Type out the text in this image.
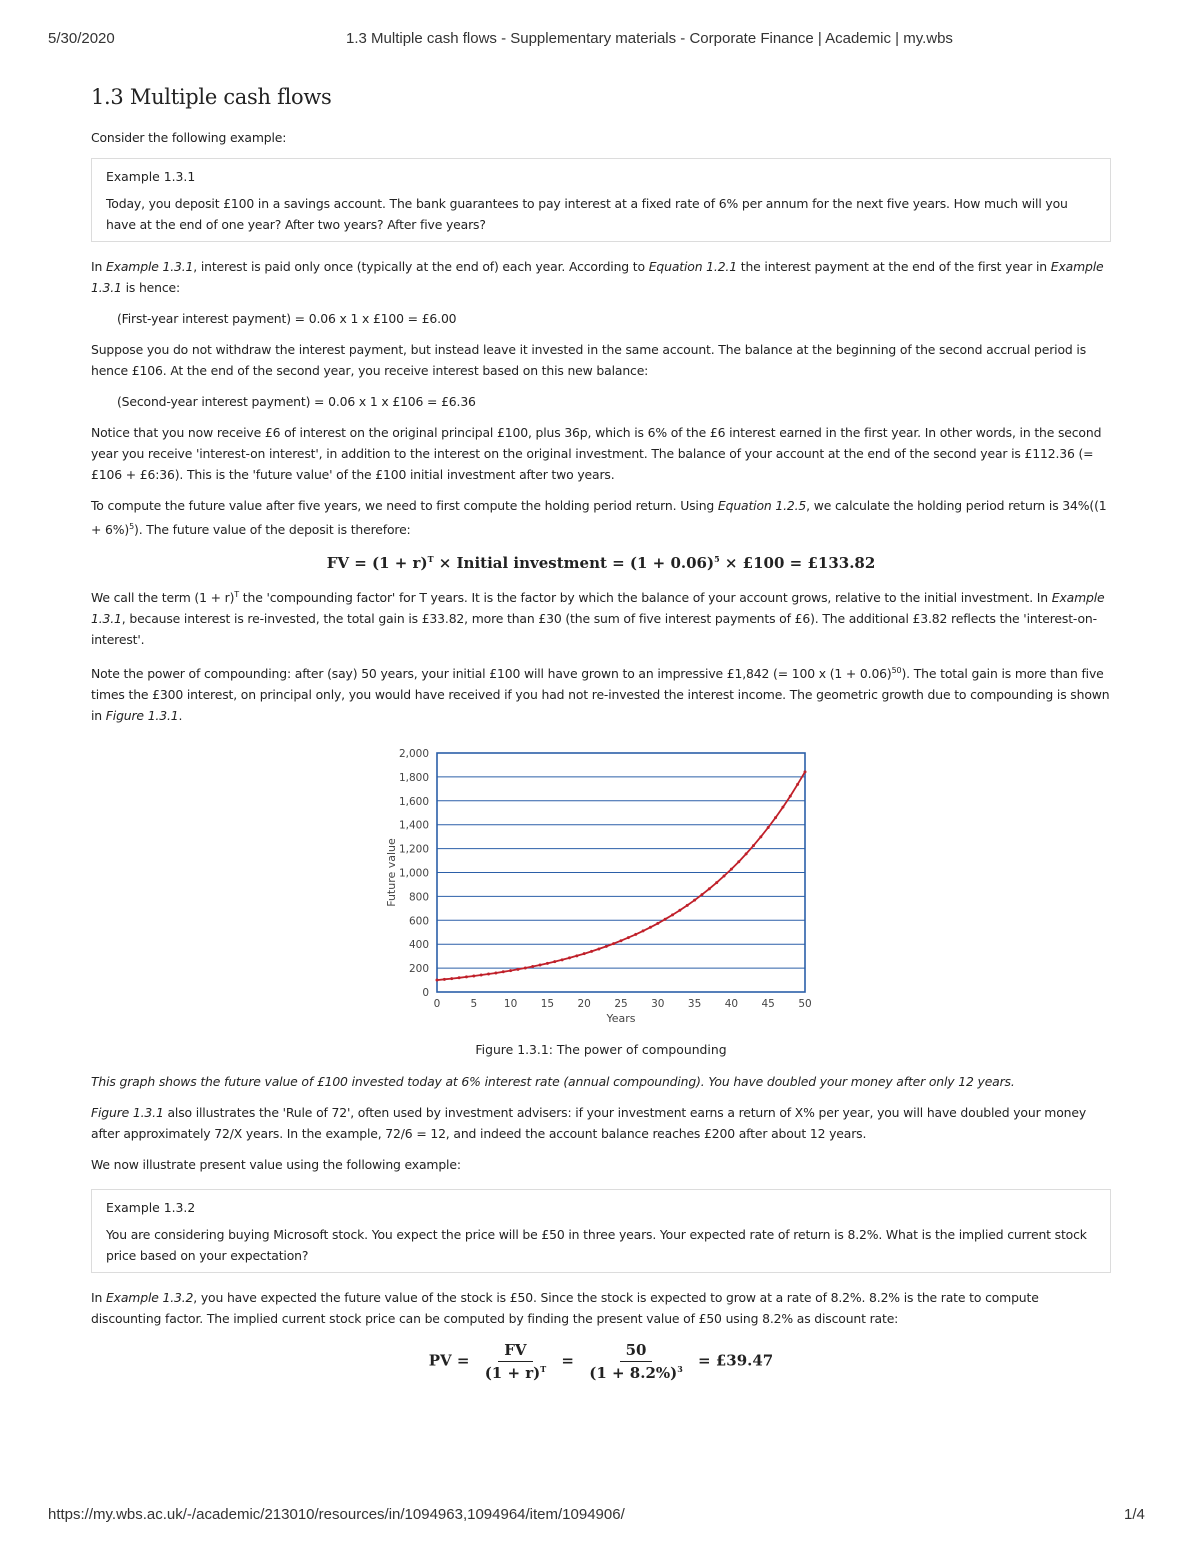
5/30/2020	1.3 Multiple cash flows - Supplementary materials - Corporate Finance | Academic | my.wbs
1.3 Multiple cash flows

Consider the following example:

Example 1.3.1

Today, you deposit £100 in a savings account. The bank guarantees to pay interest at a fixed rate of 6% per annum for the next five years. How much will you have at the end of one year? After two years? After five years?

In Example 1.3.1, interest is paid only once (typically at the end of) each year. According to Equation 1.2.1 the interest payment at the end of the first year in Example 1.3.1 is hence:

(First-year interest payment) = 0.06 x 1 x £100 = £6.00

Suppose you do not withdraw the interest payment, but instead leave it invested in the same account. The balance at the beginning of the second accrual period is hence £106. At the end of the second year, you receive interest based on this new balance:

(Second-year interest payment) = 0.06 x 1 x £106 = £6.36

Notice that you now receive £6 of interest on the original principal £100, plus 36p, which is 6% of the £6 interest earned in the first year. In other words, in the second year you receive 'interest-on interest', in addition to the interest on the original investment. The balance of your account at the end of the second year is £112.36 (= £106 + £6:36). This is the 'future value' of the £100 initial investment after two years.

To compute the future value after five years, we need to first compute the holding period return. Using Equation 1.2.5, we calculate the holding period return is $34\%((1 + 6\%)^5)$. The future value of the deposit is therefore:

FV = $(1 + r)^T$ × Initial investment = $(1 + 0.06)^5$ × £100 = £133.82

We call the term $(1 + r)^T$ the 'compounding factor' for T years. It is the factor by which the balance of your account grows, relative to the initial investment. In Example 1.3.1, because interest is re-invested, the total gain is £33.82, more than £30 (the sum of five interest payments of £6). The additional £3.82 reflects the 'interest-on-interest'.

Note the power of compounding: after (say) 50 years, your initial £100 will have grown to an impressive £1,842 (= 100 x $(1 + 0.06)^{50}$). The total gain is more than five times the £300 interest, on principal only, you would have received if you had not re-invested the interest income. The geometric growth due to compounding is shown in Figure 1.3.1.

0
200
400
600
800
1,000
1,200
1,400
1,600
1,800
2,000
0	5	10 15 20 25 30 35 40 45 50
Years
Future value
Figure 1.3.1: The power of compounding

This graph shows the future value of £100 invested today at 6% interest rate (annual compounding). You have doubled your money after only 12 years.

Figure 1.3.1 also illustrates the 'Rule of 72', often used by investment advisers: if your investment earns a return of X% per year, you will have doubled your money after approximately 72/X years. In the example, 72/6 = 12, and indeed the account balance reaches £200 after about 12 years.

We now illustrate present value using the following example:

Example 1.3.2

You are considering buying Microsoft stock. You expect the price will be £50 in three years. Your expected rate of return is 8.2%. What is the implied current stock price based on your expectation?

In Example 1.3.2, you have expected the future value of the stock is £50. Since the stock is expected to grow at a rate of 8.2%. 8.2% is the rate to compute discounting factor. The implied current stock price can be computed by finding the present value of £50 using 8.2% as discount rate:

PV = $\frac{FV}{(1 + r)^T} = \frac{50}{(1 + 8.2\%)^3}$ = £39.47
https://my.wbs.ac.uk/-/academic/213010/resources/in/1094963,1094964/item/1094906/	1/4
